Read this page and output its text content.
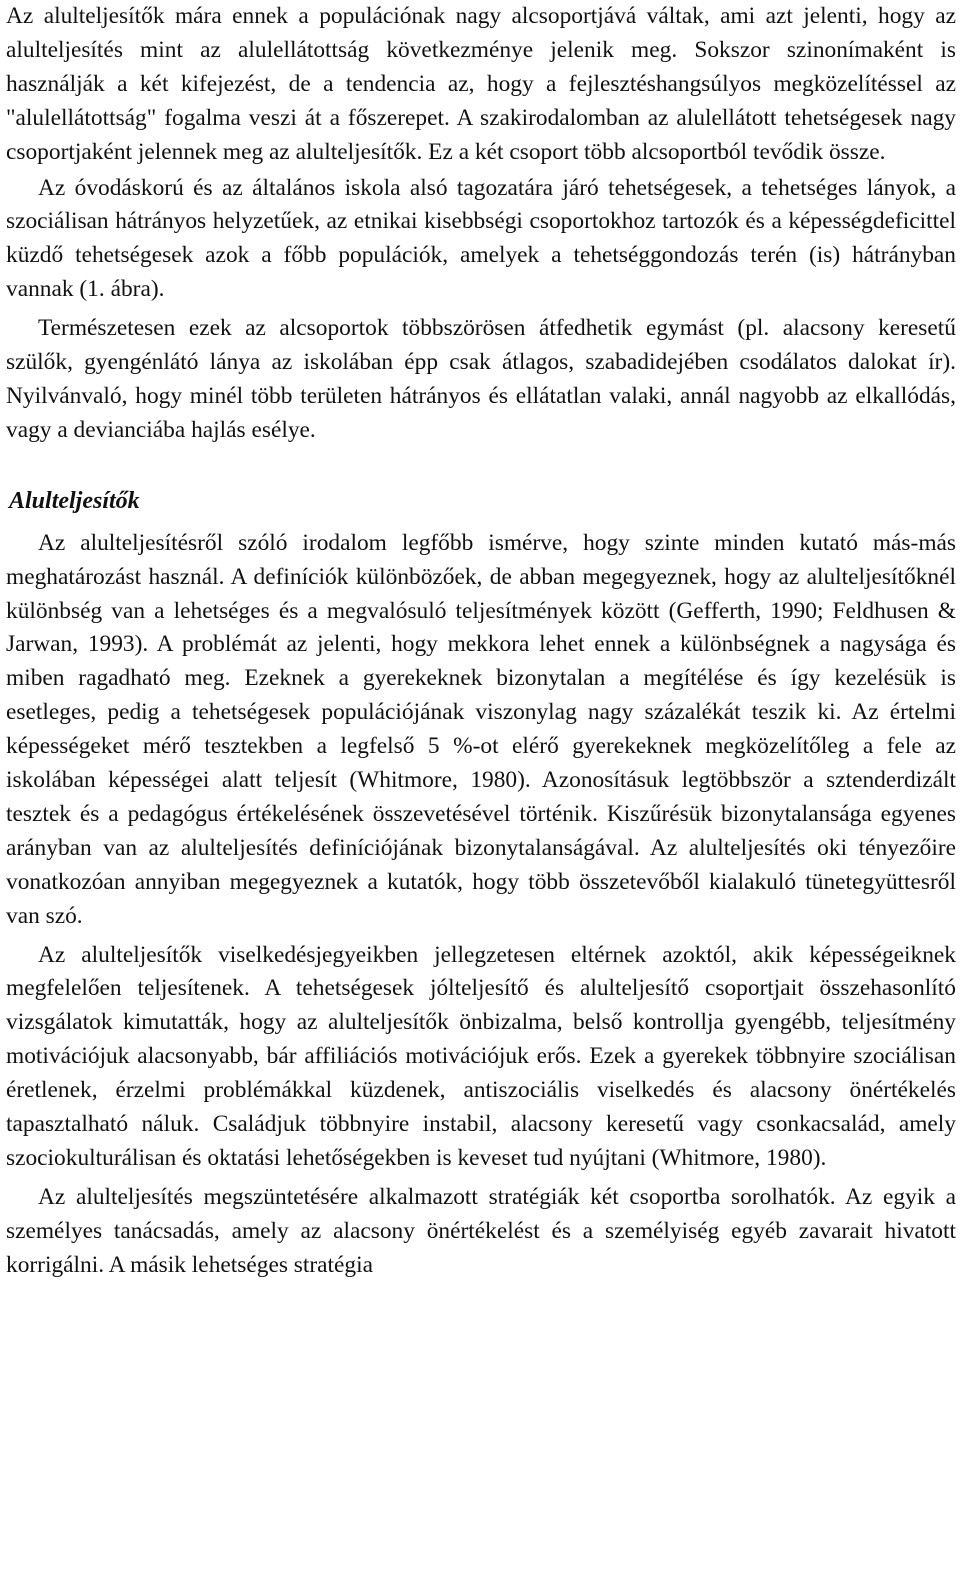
Az alulteljesítők mára ennek a populációnak nagy alcsoportjává váltak, ami azt jelenti, hogy az alulteljesítés mint az alulellátottság következménye jelenik meg. Sokszor szinonímaként is használják a két kifejezést, de a tendencia az, hogy a fejlesztéshangsúlyos megközelítéssel az "alulellátottság" fogalma veszi át a főszerepet. A szakirodalomban az alulellátott tehetségesek nagy csoportjaként jelennek meg az alulteljesítők. Ez a két csoport több alcsoportból tevődik össze.

Az óvodáskorú és az általános iskola alsó tagozatára járó tehetségesek, a tehetséges lányok, a szociálisan hátrányos helyzetűek, az etnikai kisebbségi csoportokhoz tartozók és a képességdeficittel küzdő tehetségesek azok a főbb populációk, amelyek a tehetséggondozás terén (is) hátrányban vannak (1. ábra).

Természetesen ezek az alcsoportok többszörösen átfedhetik egymást (pl. alacsony keresetű szülők, gyengénlátó lánya az iskolában épp csak átlagos, szabadidejében csodálatos dalokat ír). Nyilvánvaló, hogy minél több területen hátrányos és ellátatlan valaki, annál nagyobb az elkallódás, vagy a devianciába hajlás esélye.

Alulteljesítők

Az alulteljesítésről szóló irodalom legfőbb ismérve, hogy szinte minden kutató más-más meghatározást használ. A definíciók különbözőek, de abban megegyeznek, hogy az alulteljesítőknél különbség van a lehetséges és a megvalósuló teljesítmények között (Gefferth, 1990; Feldhusen & Jarwan, 1993). A problémát az jelenti, hogy mekkora lehet ennek a különbségnek a nagysága és miben ragadható meg. Ezeknek a gyerekeknek bizonytalan a megítélése és így kezelésük is esetleges, pedig a tehetségesek populációjának viszonylag nagy százalékát teszik ki. Az értelmi képességeket mérő tesztekben a legfelső 5 %-ot elérő gyerekeknek megközelítőleg a fele az iskolában képességei alatt teljesít (Whitmore, 1980). Azonosításuk legtöbbször a sztenderdizált tesztek és a pedagógus értékelésének összevetésével történik. Kiszűrésük bizonytalansága egyenes arányban van az alulteljesítés definíciójának bizonytalanságával. Az alulteljesítés oki tényezőire vonatkozóan annyiban megegyeznek a kutatók, hogy több összetevőből kialakuló tünetegyüttesről van szó.

Az alulteljesítők viselkedésjegyeikben jellegzetesen eltérnek azoktól, akik képességeiknek megfelelően teljesítenek. A tehetségesek jólteljesítő és alulteljesítő csoportjait összehasonlító vizsgálatok kimutatták, hogy az alulteljesítők önbizalma, belső kontrollja gyengébb, teljesítmény motivációjuk alacsonyabb, bár affiliációs motivációjuk erős. Ezek a gyerekek többnyire szociálisan éretlenek, érzelmi problémákkal küzdenek, antiszociális viselkedés és alacsony önértékelés tapasztalható náluk. Családjuk többnyire instabil, alacsony keresetű vagy csonkacsalád, amely szociokulturálisan és oktatási lehetőségekben is keveset tud nyújtani (Whitmore, 1980).

Az alulteljesítés megszüntetésére alkalmazott stratégiák két csoportba sorolhatók. Az egyik a személyes tanácsadás, amely az alacsony önértékelést és a személyiség egyéb zavarait hivatott korrigálni. A másik lehetséges stratégia
